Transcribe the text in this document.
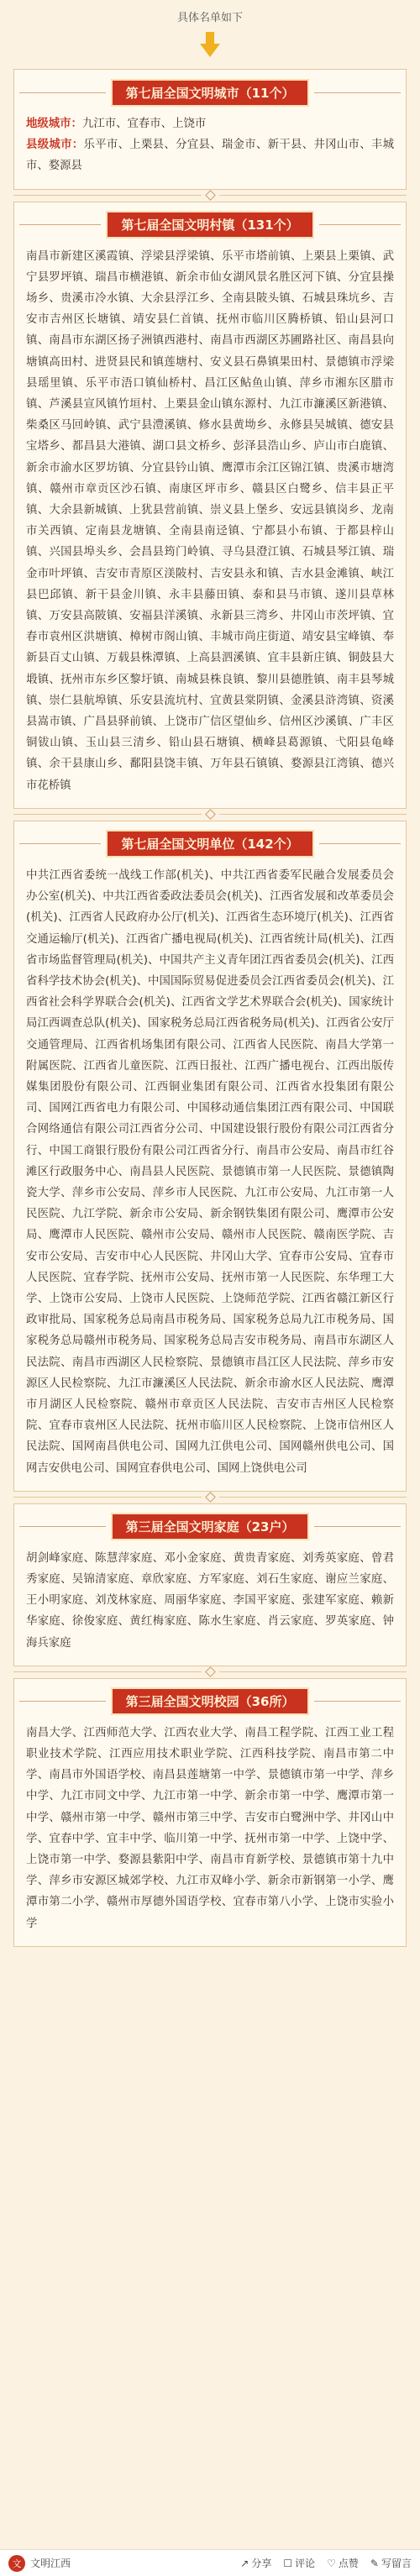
具体名单如下
第七届全国文明城市（11个）
地级城市：九江市、宜春市、上饶市
县级城市：乐平市、上栗县、分宜县、瑞金市、新干县、井冈山市、丰城市、婺源县
第七届全国文明村镇（131个）
南昌市新建区溪霞镇、浮梁县浮梁镇、乐平市塔前镇、上栗县上栗镇、武宁县罗坪镇、瑞昌市横港镇、新余市仙女湖风景名胜区河下镇、分宜县操场乡、贵溪市冷水镇、大余县浮江乡、全南县陂头镇、石城县珠坑乡、吉安市吉州区长塘镇、靖安县仁首镇、抚州市临川区腾桥镇、铅山县河口镇、南昌市东湖区扬子洲镇西港村、南昌市西湖区苏圃路社区、南昌县向塘镇高田村、进贤县民和镇莲塘村、安义县石鼻镇果田村、景德镇市浮梁县瑶里镇、乐平市浯口镇仙桥村、昌江区鲇鱼山镇、萍乡市湘东区腊市镇、芦溪县宣风镇竹垣村、上栗县金山镇东源村、九江市濂溪区新港镇、柴桑区马回岭镇、武宁县澧溪镇、修水县黄坳乡、永修县吴城镇、德安县宝塔乡、都昌县大港镇、湖口县文桥乡、彭泽县浩山乡、庐山市白鹿镇、新余市渝水区罗坊镇、分宜县钤山镇、鹰潭市余江区锦江镇、贵溪市塘湾镇、赣州市章贡区沙石镇、南康区坪市乡、赣县区白鹭乡、信丰县正平镇、大余县新城镇、上犹县营前镇、崇义县上堡乡、安远县镇岗乡、龙南市关西镇、定南县龙塘镇、全南县南迳镇、宁都县小布镇、于都县梓山镇、兴国县埠头乡、会昌县筠门岭镇、寻乌县澄江镇、石城县琴江镇、瑞金市叶坪镇、吉安市青原区渼陂村、吉安县永和镇、吉水县金滩镇、峡江县巴邱镇、新干县金川镇、永丰县藤田镇、泰和县马市镇、遂川县草林镇、万安县高陂镇、安福县洋溪镇、永新县三湾乡、井冈山市茨坪镇、宜春市袁州区洪塘镇、樟树市阁山镇、丰城市尚庄街道、靖安县宝峰镇、奉新县百丈山镇、万载县株潭镇、上高县泗溪镇、宜丰县新庄镇、铜鼓县大塅镇、抚州市东乡区黎圩镇、南城县株良镇、黎川县德胜镇、南丰县琴城镇、崇仁县航埠镇、乐安县流坑村、宜黄县棠阴镇、金溪县浒湾镇、资溪县嵩市镇、广昌县驿前镇、上饶市广信区望仙乡、信州区沙溪镇、广丰区铜钹山镇、玉山县三清乡、铅山县石塘镇、横峰县葛源镇、弋阳县龟峰镇、余干县康山乡、鄱阳县饶丰镇、万年县石镇镇、婺源县江湾镇、德兴市花桥镇
第七届全国文明单位（142个）
中共江西省委统一战线工作部(机关)、中共江西省委军民融合发展委员会办公室(机关)、中共江西省委政法委员会(机关)、江西省发展和改革委员会(机关)、江西省人民政府办公厅(机关)、江西省生态环境厅(机关)、江西省交通运输厅(机关)、江西省广播电视局(机关)、江西省统计局(机关)、江西省市场监督管理局(机关)、中国共产主义青年团江西省委员会(机关)、江西省科学技术协会(机关)、中国国际贸易促进委员会江西省委员会(机关)、江西省社会科学界联合会(机关)、江西省文学艺术界联合会(机关)、国家统计局江西调查总队(机关)、国家税务总局江西省税务局(机关)、江西省公安厅交通管理局、江西省机场集团有限公司、江西省人民医院、南昌大学第一附属医院、江西省儿童医院、江西日报社、江西广播电视台、江西出版传媒集团股份有限公司、江西铜业集团有限公司、江西省水投集团有限公司、国网江西省电力有限公司、中国移动通信集团江西有限公司、中国联合网络通信有限公司江西省分公司、中国建设银行股份有限公司江西省分行、中国工商银行股份有限公司江西省分行、南昌市公安局、南昌市红谷滩区行政服务中心、南昌县人民医院、景德镇市第一人民医院、景德镇陶瓷大学、萍乡市公安局、萍乡市人民医院、九江市公安局、九江市第一人民医院、九江学院、新余市公安局、新余钢铁集团有限公司、鹰潭市公安局、鹰潭市人民医院、赣州市公安局、赣州市人民医院、赣南医学院、吉安市公安局、吉安市中心人民医院、井冈山大学、宜春市公安局、宜春市人民医院、宜春学院、抚州市公安局、抚州市第一人民医院、东华理工大学、上饶市公安局、上饶市人民医院、上饶师范学院、江西省赣江新区行政审批局、国家税务总局南昌市税务局、国家税务总局九江市税务局、国家税务总局赣州市税务局、国家税务总局吉安市税务局、南昌市东湖区人民法院、南昌市西湖区人民检察院、景德镇市昌江区人民法院、萍乡市安源区人民检察院、九江市濂溪区人民法院、新余市渝水区人民法院、鹰潭市月湖区人民检察院、赣州市章贡区人民法院、吉安市吉州区人民检察院、宜春市袁州区人民法院、抚州市临川区人民检察院、上饶市信州区人民法院、国网南昌供电公司、国网九江供电公司、国网赣州供电公司、国网吉安供电公司、国网宜春供电公司、国网上饶供电公司
第三届全国文明家庭（23户）
胡剑峰家庭、陈慧萍家庭、邓小金家庭、黄贵青家庭、刘秀英家庭、曾君秀家庭、吴锦清家庭、章欣家庭、方军家庭、刘石生家庭、谢应兰家庭、王小明家庭、刘茂林家庭、周丽华家庭、李国平家庭、张建军家庭、赖新华家庭、徐俊家庭、黄红梅家庭、陈水生家庭、肖云家庭、罗英家庭、钟海兵家庭
第三届全国文明校园（36所）
南昌大学、江西师范大学、江西农业大学、南昌工程学院、江西工业工程职业技术学院、江西应用技术职业学院、江西科技学院、南昌市第二中学、南昌市外国语学校、南昌县莲塘第一中学、景德镇市第一中学、萍乡中学、九江市同文中学、九江市第一中学、新余市第一中学、鹰潭市第一中学、赣州市第一中学、赣州市第三中学、吉安市白鹭洲中学、井冈山中学、宜春中学、宜丰中学、临川第一中学、抚州市第一中学、上饶中学、上饶市第一中学、婺源县紫阳中学、南昌市育新学校、景德镇市第十九中学、萍乡市安源区城郊学校、九江市双峰小学、新余市新钢第一小学、鹰潭市第二小学、赣州市厚德外国语学校、宜春市第八小学、上饶市实验小学
文 文明江西	↗ 分享 ☐ 评论 ♡ 点赞 ✎ 写留言
